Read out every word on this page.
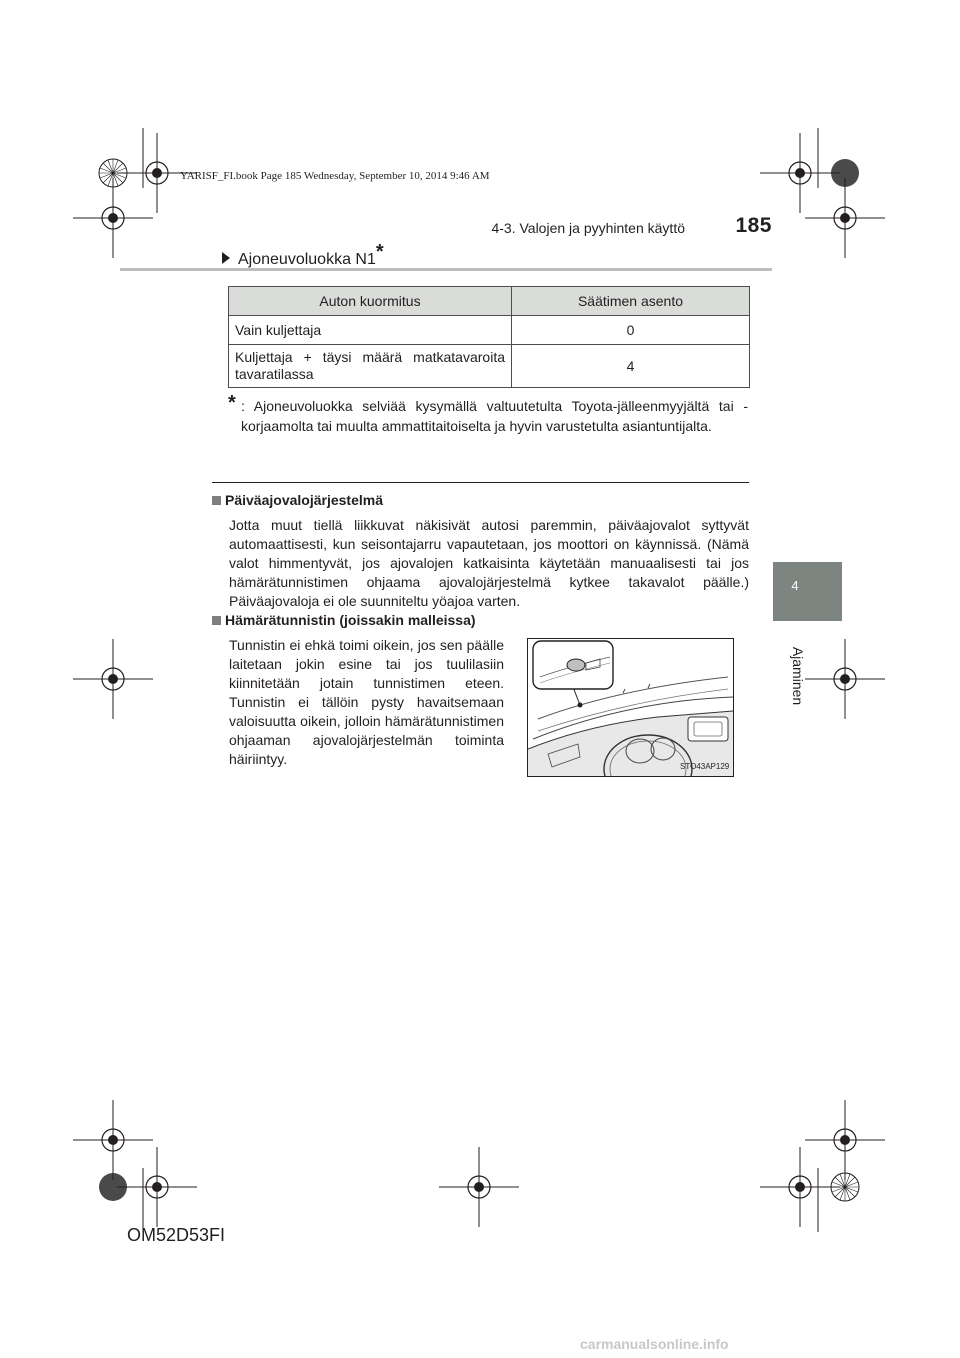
YARISF_FI.book Page 185 Wednesday, September 10, 2014 9:46 AM
4-3. Valojen ja pyyhinten käyttö	185
4
Ajaminen
Ajoneuvoluokka N1*
Auton kuormitus	Säätimen asento
Vain kuljettaja	0
Kuljettaja + täysi määrä matkatavaroita tavaratilassa	4
* : Ajoneuvoluokka selviää kysymällä valtuutetulta Toyota-jälleenmyyjältä tai -korjaamolta tai muulta ammattitaitoiselta ja hyvin varustetulta asiantuntijalta.
Päiväajovalojärjestelmä
Jotta muut tiellä liikkuvat näkisivät autosi paremmin, päiväajovalot syttyvät automaattisesti, kun seisontajarru vapautetaan, jos moottori on käynnissä. (Nämä valot himmentyvät, jos ajovalojen katkaisinta käytetään manuaalisesti tai jos hämärätunnistimen ohjaama ajovalojärjestelmä kytkee takavalot päälle.) Päiväajovaloja ei ole suunniteltu yöajoa varten.
Hämärätunnistin (joissakin malleissa)
Tunnistin ei ehkä toimi oikein, jos sen päälle laitetaan jokin esine tai jos tuulilasiin kiinnitetään jotain tunnistimen eteen. Tunnistin ei tällöin pysty havaitsemaan valoisuutta oikein, jolloin hämärätunnistimen ohjaaman ajovalojärjestelmän toiminta häiriintyy.	STO43AP129
OM52D53FI
carmanualsonline.info
